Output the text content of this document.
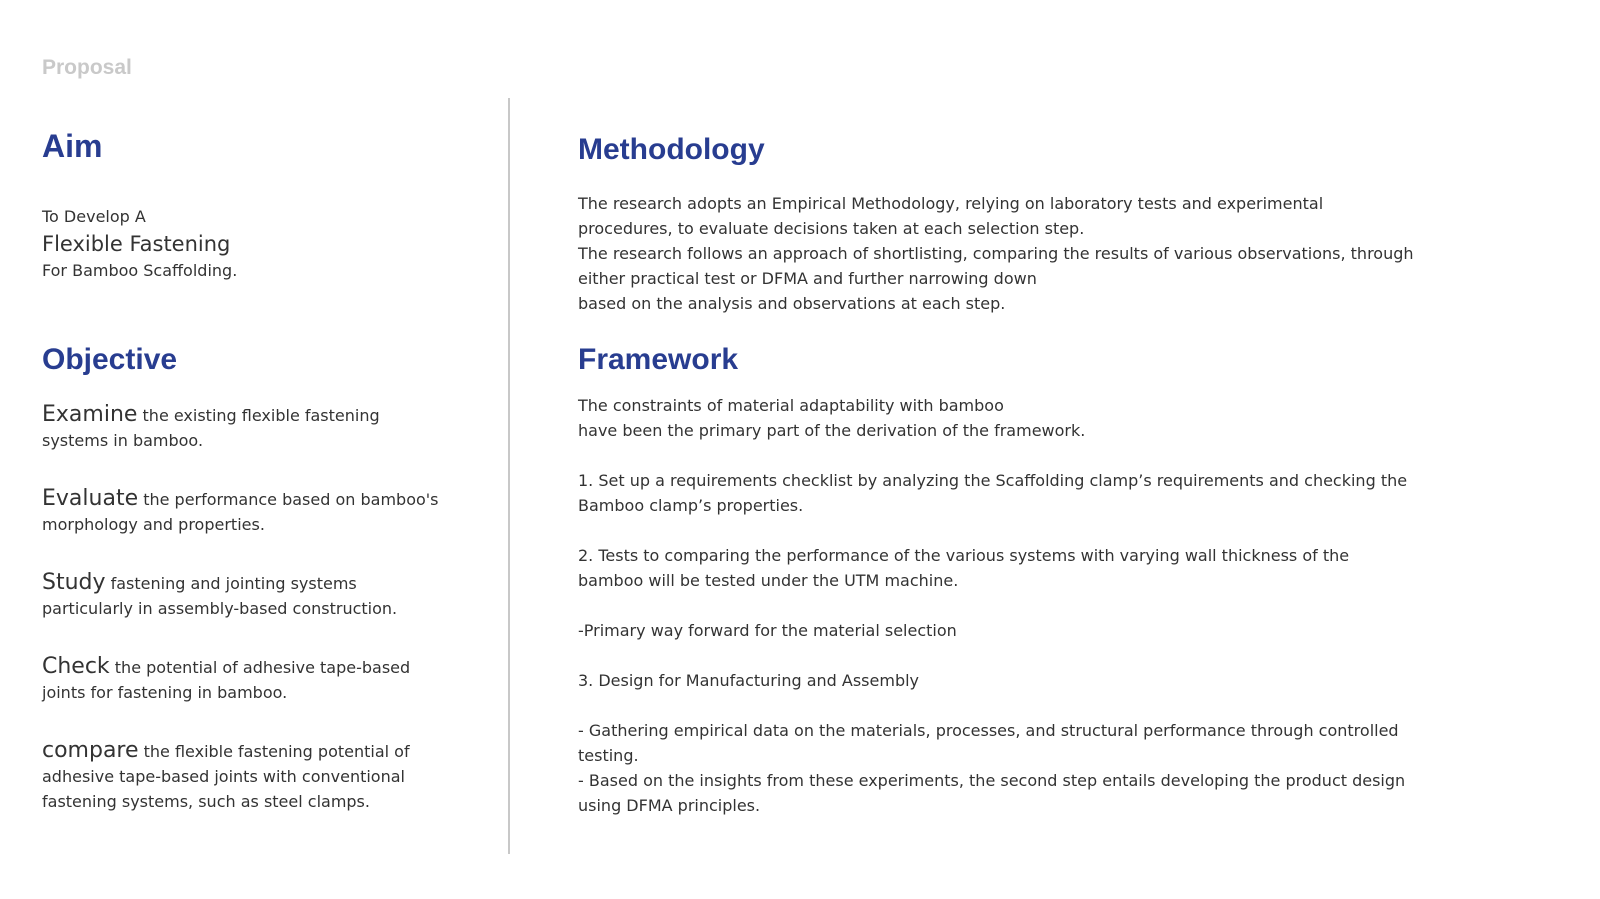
Proposal
Aim
To Develop A
Flexible Fastening
For Bamboo Scaffolding.
Objective
Examine the existing flexible fastening systems in bamboo.
Evaluate the performance based on bamboo's morphology and properties.
Study fastening and jointing systems particularly in assembly-based construction.
Check the potential of adhesive tape-based joints for fastening in bamboo.
compare the flexible fastening potential of adhesive tape-based joints with conventional fastening systems, such as steel clamps.
Methodology

The research adopts an Empirical Methodology, relying on laboratory tests and experimental procedures, to evaluate decisions taken at each selection step.

The research follows an approach of shortlisting, comparing the results of various observations, through either practical test or DFMA and further narrowing down

based on the analysis and observations at each step.

Framework

The constraints of material adaptability with bamboo

have been the primary part of the derivation of the framework.

1. Set up a requirements checklist by analyzing the Scaffolding clamp’s requirements and checking the Bamboo clamp’s properties.

2. Tests to comparing the performance of the various systems with varying wall thickness of the bamboo will be tested under the UTM machine.

-Primary way forward for the material selection

3. Design for Manufacturing and Assembly

- Gathering empirical data on the materials, processes, and structural performance through controlled testing.

- Based on the insights from these experiments, the second step entails developing the product design using DFMA principles.
